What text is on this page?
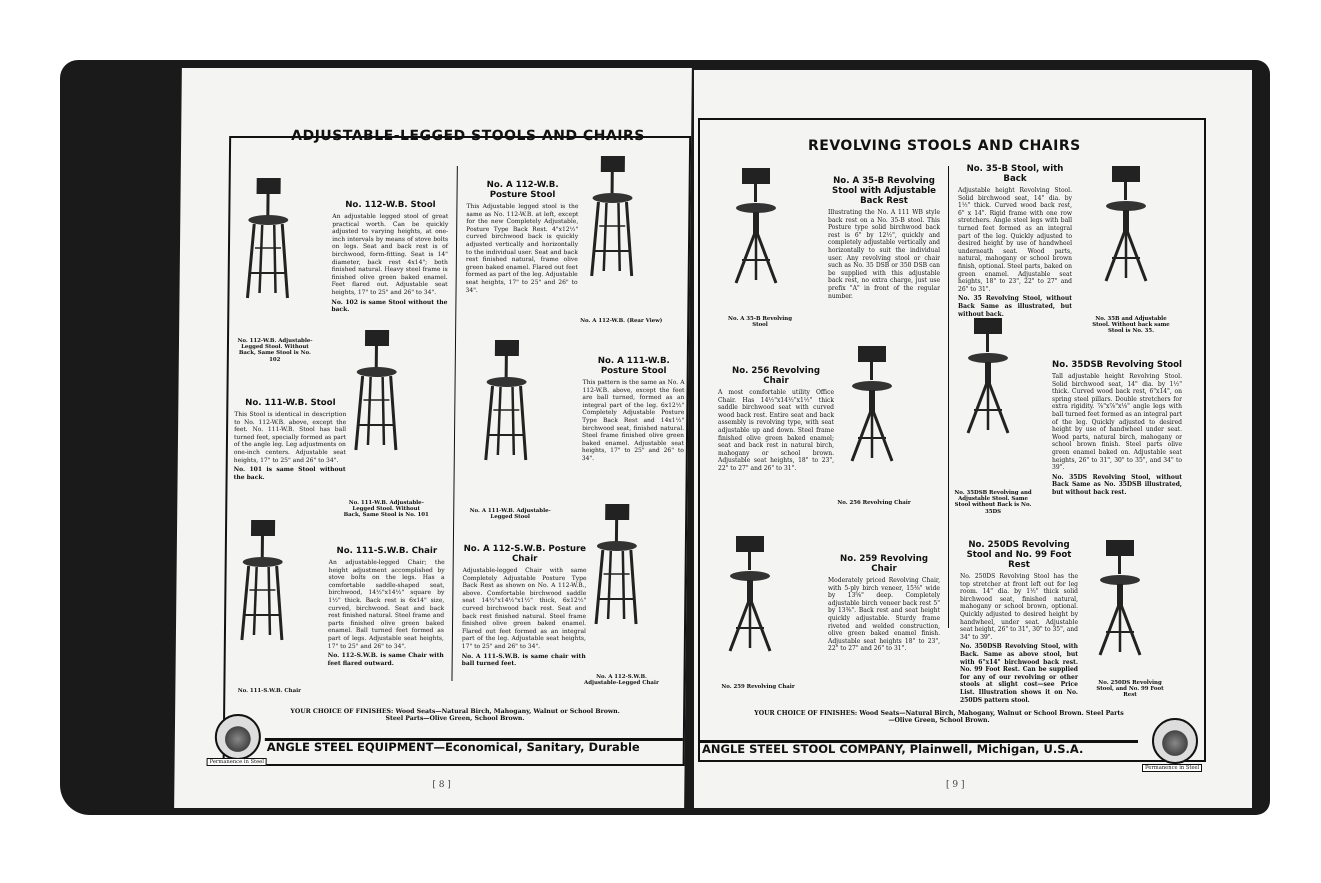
ADJUSTABLE-LEGGED STOOLS AND CHAIRS
No. 112-W.B. Adjustable-Legged Stool. Without Back, Same Stool is No. 102
No. 112-W.B. Stool

An adjustable legged stool of great practical worth. Can be quickly adjusted to varying heights, at one-inch intervals by means of stove bolts on legs. Seat and back rest is of birchwood, form-fitting. Seat is 14" diameter, back rest 4x14"; both finished natural. Heavy steel frame is finished olive green baked enamel. Feet flared out. Adjustable seat heights, 17" to 25" and 26" to 34".

No. 102 is same Stool without the back.

No. A 112-W.B. Posture Stool

This Adjustable legged stool is the same as No. 112-W.B. at left, except for the new Completely Adjustable, Posture Type Back Rest. 4"x12½" curved birchwood back is quickly adjusted vertically and horizontally to the individual user. Seat and back rest finished natural, frame olive green baked enamel. Flared out feet formed as part of the leg. Adjustable seat heights, 17" to 25" and 26" to 34".

No. A 112-W.B. (Rear View)
No. 111-W.B. Adjustable-Legged Stool. Without Back, Same Stool is No. 101
No. 111-W.B. Stool

This Stool is identical in description to No. 112-W.B. above, except the feet. No. 111-W.B. Stool has ball turned feet, specially formed as part of the angle leg. Leg adjustments on one-inch centers. Adjustable seat heights, 17" to 25" and 26" to 34".

No. 101 is same Stool without the back.

No. A 111-W.B. Adjustable-Legged Stool
No. A 111-W.B. Posture Stool

This pattern is the same as No. A 112-W.B. above, except the feet are ball turned, formed as an integral part of the leg. 6x12½" Completely Adjustable Posture Type Back Rest and 14x1½" birchwood seat, finished natural. Steel frame finished olive green baked enamel. Adjustable seat heights, 17" to 25" and 26" to 34".

No. 111-S.W.B. Chair
No. 111-S.W.B. Chair

An adjustable-legged Chair; the height adjustment accomplished by stove bolts on the legs. Has a comfortable saddle-shaped seat, birchwood, 14½"x14½" square by 1½" thick. Back rest is 6x14" size, curved, birchwood. Seat and back rest finished natural. Steel frame and parts finished olive green baked enamel. Ball turned feet formed as part of legs. Adjustable seat heights, 17" to 25" and 26" to 34".

No. 112-S.W.B. is same Chair with feet flared outward.

No. A 112-S.W.B. Posture Chair

Adjustable-legged Chair with same Completely Adjustable Posture Type Back Rest as shown on No. A 112-W.B., above. Comfortable birchwood saddle seat 14½"x14½"x1½" thick, 6x12½" curved birchwood back rest. Seat and back rest finished natural. Steel frame finished olive green baked enamel. Flared out feet formed as an integral part of the leg. Adjustable seat heights, 17" to 25" and 26" to 34".

No. A 111-S.W.B. is same chair with ball turned feet.

No. A 112-S.W.B. Adjustable-Legged Chair
YOUR CHOICE OF FINISHES: Wood Seats—Natural Birch, Mahogany, Walnut or School Brown. Steel Parts—Olive Green, School Brown.
Permanence in Steel
ANGLE STEEL EQUIPMENT—Economical, Sanitary, Durable
[ 8 ]
REVOLVING STOOLS AND CHAIRS
No. A 35-B Revolving Stool
No. A 35-B Revolving Stool with Adjustable Back Rest

Illustrating the No. A 111 WB style back rest on a No. 35-B stool. This Posture type solid birchwood back rest is 6" by 12½", quickly and completely adjustable vertically and horizontally to suit the individual user. Any revolving stool or chair such as No. 35 DSB or 350 DSB can be supplied with this adjustable back rest, no extra charge, just use prefix "A" in front of the regular number.

No. 35-B Stool, with Back

Adjustable height Revolving Stool. Solid birchwood seat, 14" dia. by 1½" thick. Curved wood back rest, 6" x 14". Rigid frame with one row stretchers. Angle steel legs with ball turned feet formed as an integral part of the leg. Quickly adjusted to desired height by use of handwheel underneath seat. Wood parts, natural, mahogany or school brown finish, optional. Steel parts, baked on green enamel. Adjustable seat heights, 18" to 23", 22" to 27" and 26" to 31".

No. 35 Revolving Stool, without Back Same as illustrated, but without back.

No. 35B and Adjustable Stool. Without back same Stool is No. 35.
No. 256 Revolving Chair

A most comfortable utility Office Chair. Has 14½"x14½"x1½" thick saddle birchwood seat with curved wood back rest. Entire seat and back assembly is revolving type, with seat adjustable up and down. Steel frame finished olive green baked enamel; seat and back rest in natural birch, mahogany or school brown. Adjustable seat heights, 18" to 23", 22" to 27" and 26" to 31".

No. 256 Revolving Chair
No. 35DSB Revolving and Adjustable Stool. Same Stool without Back is No. 35DS
No. 35DSB Revolving Stool

Tall adjustable height Revolving Stool. Solid birchwood seat, 14" dia. by 1½" thick. Curved wood back rest, 6"x14", on spring steel pillars. Double stretchers for extra rigidity. ⅞"x⅞"x⅛" angle legs with ball turned feet formed as an integral part of the leg. Quickly adjusted to desired height by use of handwheel under seat. Wood parts, natural birch, mahogany or school brown finish. Steel parts olive green enamel baked on. Adjustable seat heights, 26" to 31", 30" to 35", and 34" to 39".

No. 35DS Revolving Stool, without Back Same as No. 35DSB illustrated, but without back rest.

No. 259 Revolving Chair
No. 259 Revolving Chair

Moderately priced Revolving Chair, with 5-ply birch veneer, 15⅜" wide by 13⅝" deep. Completely adjustable birch veneer back rest 5" by 13⅜". Back rest and seat height quickly adjustable. Sturdy frame riveted and welded construction, olive green baked enamel finish. Adjustable seat heights 18" to 23", 22" to 27" and 26" to 31".

No. 250DS Revolving Stool and No. 99 Foot Rest

No. 250DS Revolving Stool has the top stretcher at front left out for leg room. 14" dia. by 1½" thick solid birchwood seat, finished natural, mahogany or school brown, optional. Quickly adjusted to desired height by handwheel, under seat. Adjustable seat height, 26" to 31", 30" to 35", and 34" to 39".

No. 350DSB Revolving Stool, with Back. Same as above stool, but with 6"x14" birchwood back rest. No. 99 Foot Rest. Can be supplied for any of our revolving or other stools at slight cost—see Price List. Illustration shows it on No. 250DS pattern stool.

No. 250DS Revolving Stool, and No. 99 Foot Rest
YOUR CHOICE OF FINISHES: Wood Seats—Natural Birch, Mahogany, Walnut or School Brown. Steel Parts—Olive Green, School Brown.
ANGLE STEEL STOOL COMPANY, Plainwell, Michigan, U.S.A.
Permanence in Steel
[ 9 ]
